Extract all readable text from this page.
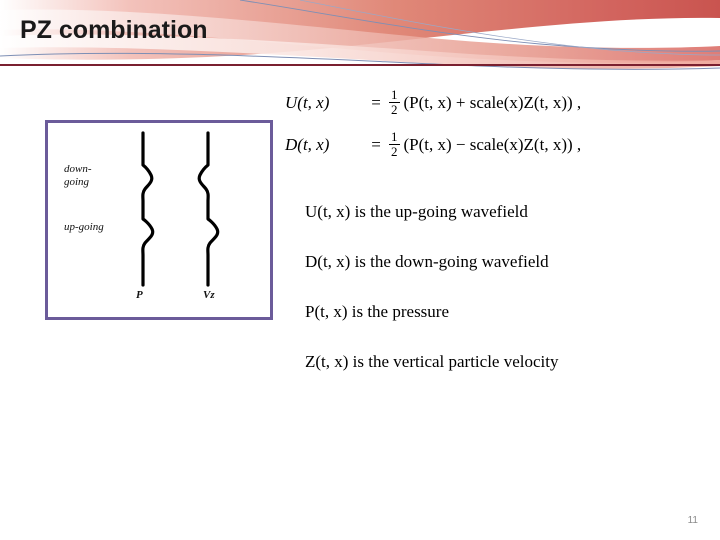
PZ combination
down-
going
up-going
P	Vz
U(t, x)	= $\frac{1}{2} (P(t$, x) + scale(x)Z(t, x)) ,
D(t, x)	= $\frac{1}{2} (P(t$, x) − scale(x)Z(t, x)) ,
U(t, x) is the up-going wavefield
D(t, x) is the down-going wavefield
P(t, x) is the pressure
Z(t, x) is the vertical particle velocity
11
